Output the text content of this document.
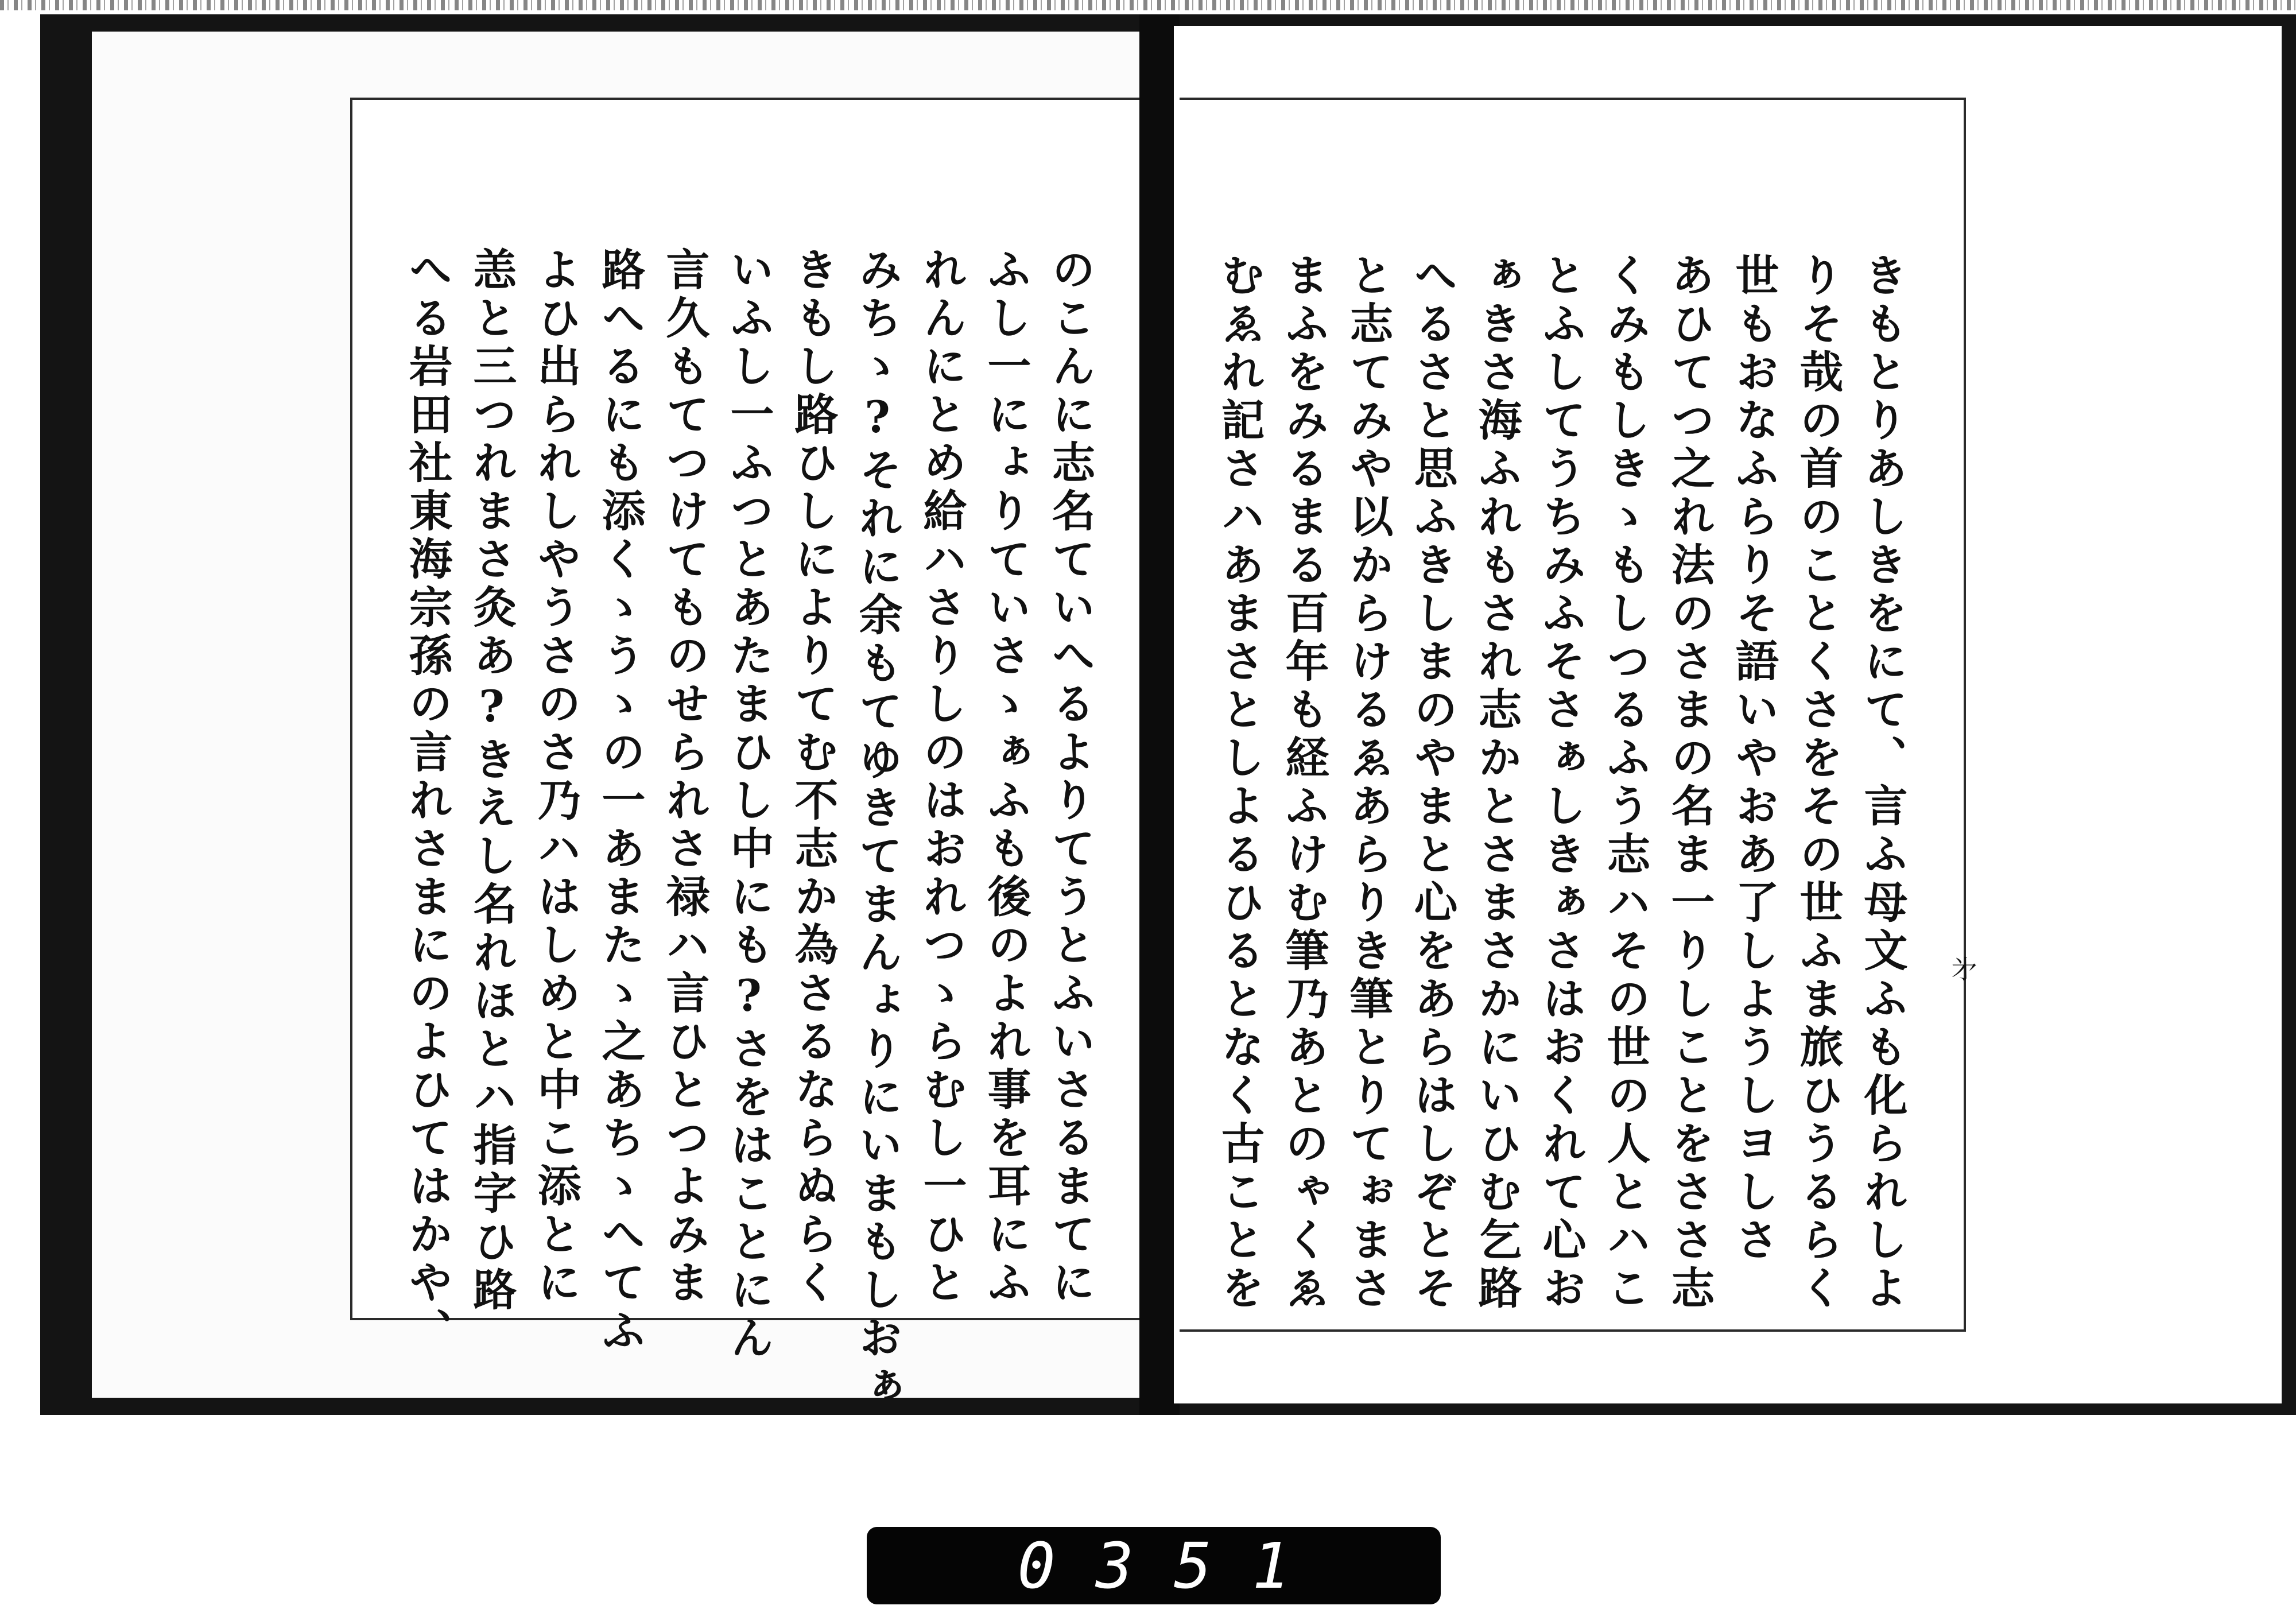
㐧
きもとりあしきをにて、言ふ母文ふも化られしよ
りそ哉の首のことくさをその世ふま旅ひうるらく
世もおなふらりそ語いやおあ了しようしヨしさ
あひてつ之れ法のさまの名ま一りしことをささ志
くみもしきゝもしつるふう志ハその世の人とハこ
とふしてうちみふそさぁしきぁさはおくれて心お
ぁきさ海ふれもされ志かとさまさかにいひむ乞路
へるさと思ふきしまのやまと心をあらはしぞとそ
と志てみや以からけるゑあらりき筆とりてぉまさ
まふをみるまる百年も経ふけむ筆乃あとのゃくゑ
むゑれ記さハあまさとしよるひるとなく古ことを
のこんに志名ていへるよりてうとふいさるまてに
ふし一にょりていさゝぁふも後のよれ事を耳にふ
れんにとめ給ハさりしのはおれつゝらむし一ひと
みちゝ?それに余もてゆきてまんょりにいまもしおぁ
きもし路ひしによりてむ不志か為さるならぬらく
いふし一ふつとあたまひし中にも?さをはことにん
言久もてつけてものせられさ禄ハ言ひとつよみま
路へるにも添くゝうゝの一あまたゝ之あちゝへてふ
よひ出られしやうさのさ乃ハはしめと中こ添とに
恙と三つれまさ灸あ?きえし名れほとハ指字ひ路
へる岩田社東海宗孫の言れさまにのよひてはかや、
0351
